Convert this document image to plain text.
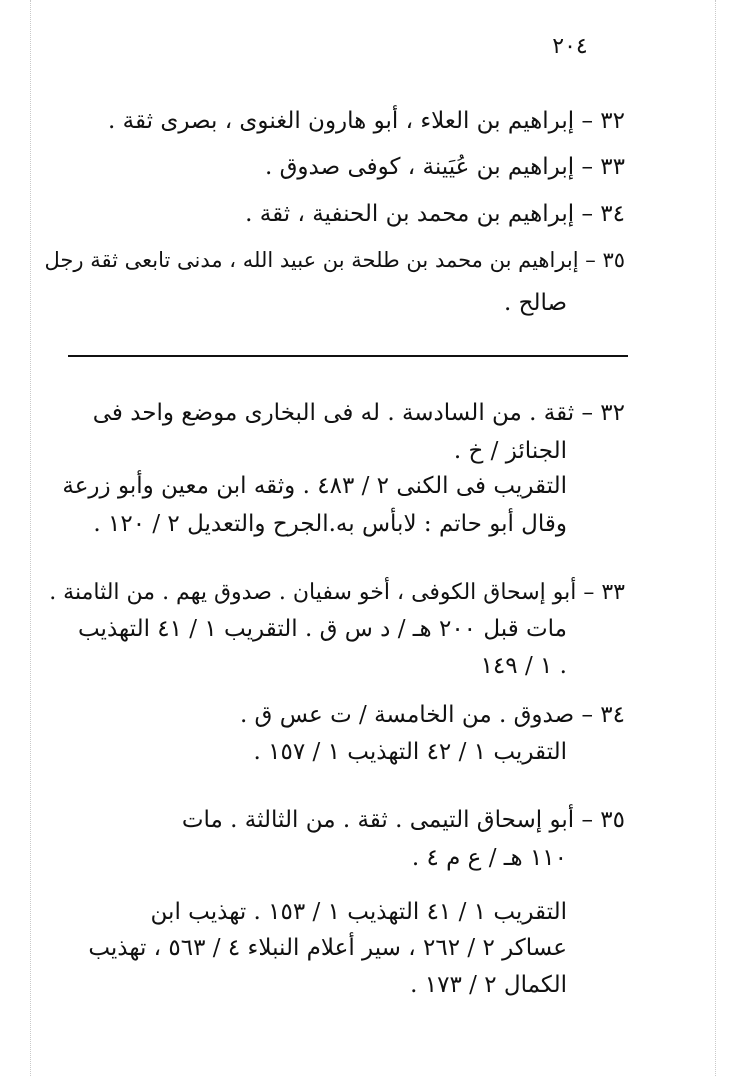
٢٠٤
٣٢ – إبراهيم بن العلاء ، أبو هارون الغنوى ، بصرى ثقة .
٣٣ – إبراهيم بن عُيَينة ، كوفى صدوق .
٣٤ – إبراهيم بن محمد بن الحنفية ، ثقة .
٣٥ – إبراهيم بن محمد بن طلحة بن عبيد الله ، مدنى تابعى ثقة رجل
صالح .
٣٢ – ثقة . من السادسة . له فى البخارى موضع واحد فى
الجنائز / خ .
التقريب فى الكنى ٢ / ٤٨٣ . وثقه ابن معين وأبو زرعة
وقال أبو حاتم : لابأس به.الجرح والتعديل ٢ / ١٢٠ .
٣٣ – أبو إسحاق الكوفى ، أخو سفيان . صدوق يهم . من الثامنة .
مات قبل ٢٠٠ هـ / د س ق . التقريب ١ / ٤١ التهذيب
١ / ١٤٩ .
٣٤ – صدوق . من الخامسة / ت عس ق .
التقريب ١ / ٤٢ التهذيب ١ / ١٥٧ .
٣٥ – أبو إسحاق التيمى . ثقة . من الثالثة . مات
١١٠ هـ / ع م ٤ .
التقريب ١ / ٤١ التهذيب ١ / ١٥٣ . تهذيب ابن
عساكر ٢ / ٢٦٢ ، سير أعلام النبلاء ٤ / ٥٦٣ ، تهذيب
الكمال ٢ / ١٧٣ .
